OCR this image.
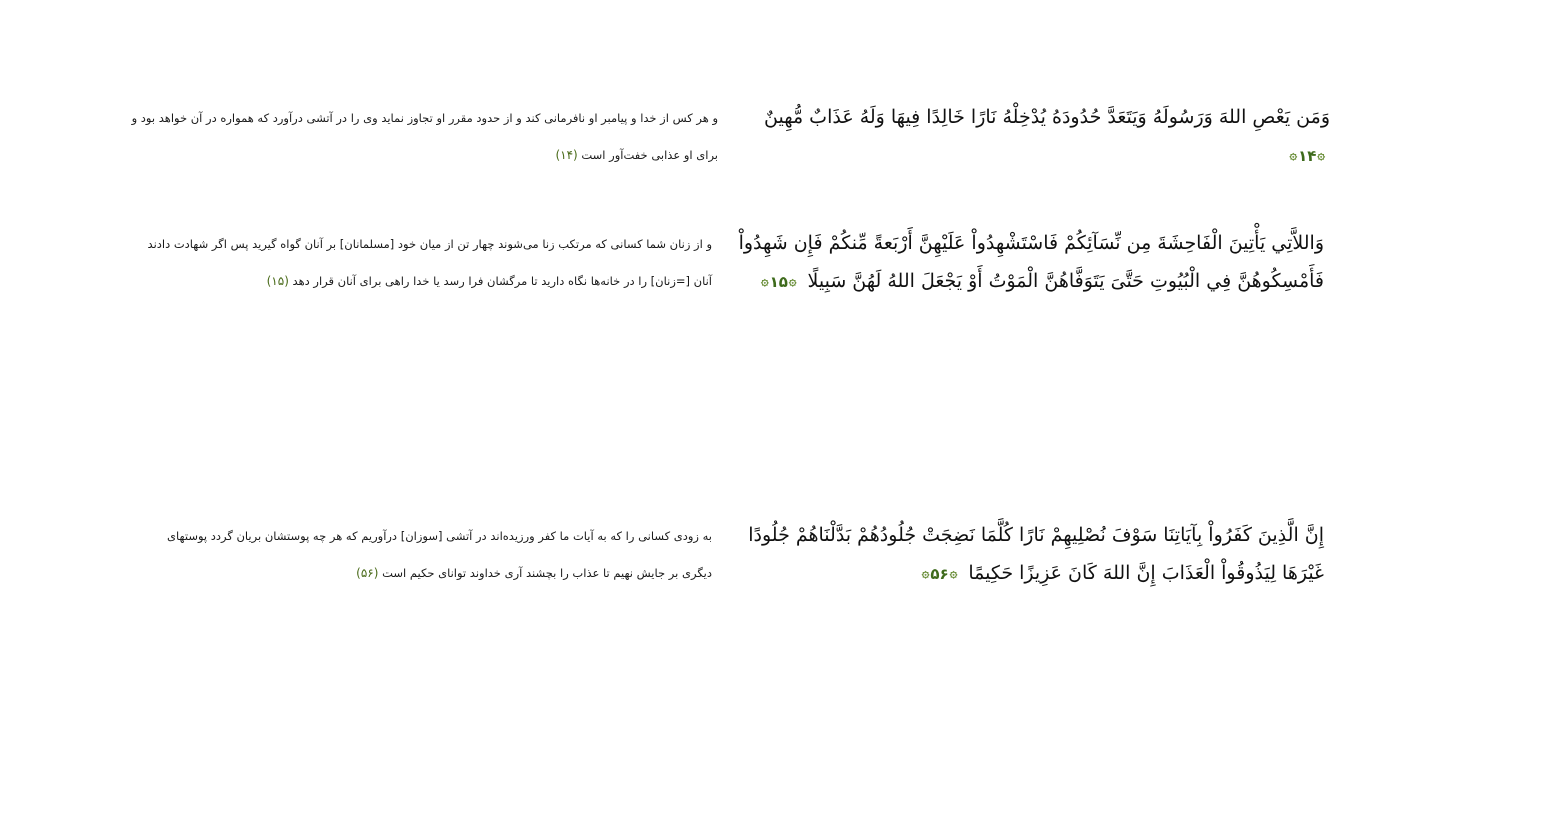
وَمَن يَعْصِ اللهَ وَرَسُولَهُ وَيَتَعَدَّ حُدُودَهُ يُدْخِلْهُ نَارًا خَالِدًا فِيهَا وَلَهُ عَذَابٌ مُّهِينٌ
۞
۱۴
۞
و هر کس از خدا و پیامبر او نافرمانى کند و از حدود مقرر او تجاوز نماید وى را در آتشى درآورد که همواره در آن خواهد بود و براى او عذابى خفت‌آور است (۱۴)
وَاللاَّتِي يَأْتِينَ الْفَاحِشَةَ مِن نِّسَآئِكُمْ فَاسْتَشْهِدُواْ عَلَيْهِنَّ أَرْبَعةً مِّنكُمْ فَإِن شَهِدُواْ فَأَمْسِكُوهُنَّ فِي الْبُيُوتِ حَتَّىَ يَتَوَفَّاهُنَّ الْمَوْتُ أَوْ يَجْعَلَ اللهُ لَهُنَّ سَبِيلًا
۞
۱۵
۞
و از زنان شما کسانى که مرتکب زنا مى‌شوند چهار تن از میان خود [مسلمانان] بر آنان گواه گیرید پس اگر شهادت دادند آنان [=زنان] را در خانه‌ها نگاه دارید تا مرگشان فرا رسد یا خدا راهى براى آنان قرار دهد (۱۵)
إِنَّ الَّذِينَ كَفَرُواْ بِآيَاتِنَا سَوْفَ نُصْلِيهِمْ نَارًا كُلَّمَا نَضِجَتْ جُلُودُهُمْ بَدَّلْنَاهُمْ جُلُودًا غَيْرَهَا لِيَذُوقُواْ الْعَذَابَ إِنَّ اللهَ كَانَ عَزِيزًا حَكِيمًا
۞
۵۶
۞
به زودى کسانى را که به آیات ما کفر ورزیده‌اند در آتشى [سوزان] درآوریم که هر چه پوستشان بریان گردد پوستهاى دیگرى بر جایش نهیم تا عذاب را بچشند آرى خداوند تواناى حکیم است (۵۶)
